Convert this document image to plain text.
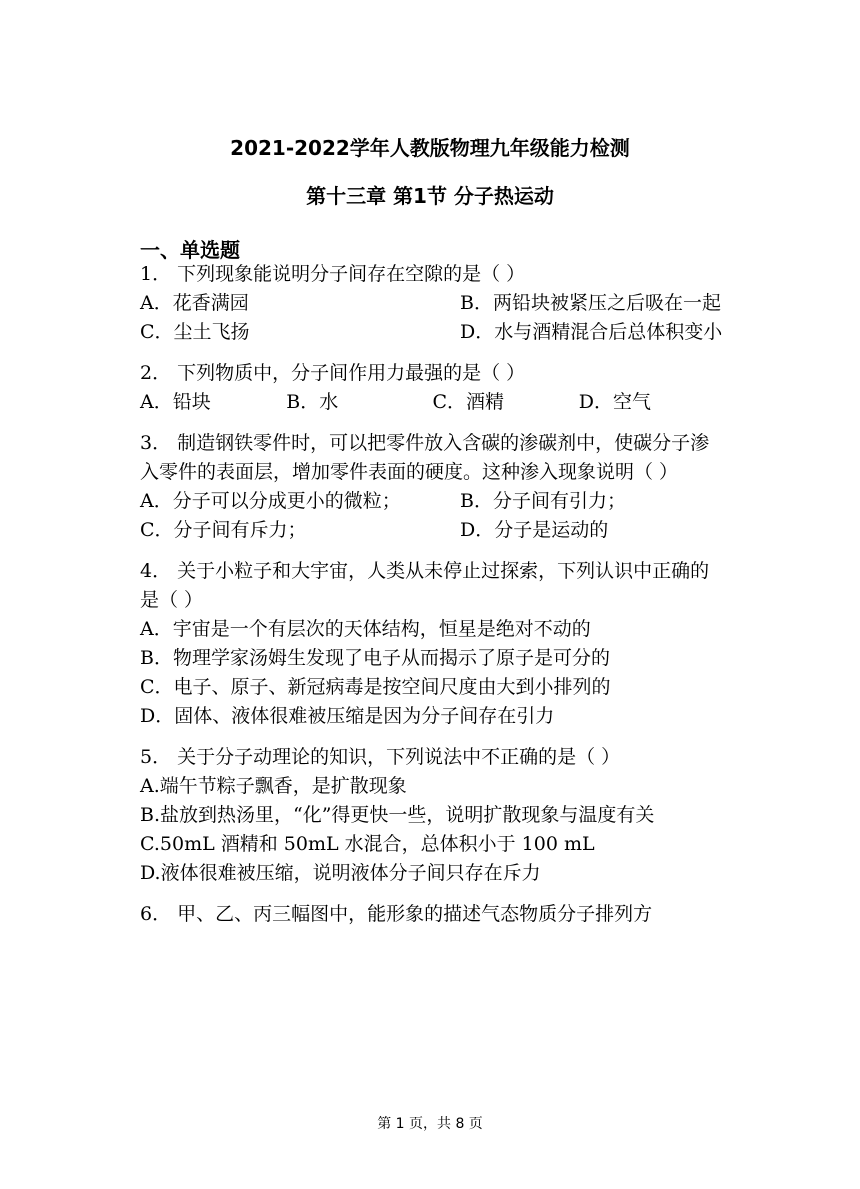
2021-2022学年人教版物理九年级能力检测
第十三章 第1节 分子热运动
一、单选题
1． 下列现象能说明分子间存在空隙的是（ ）
A．花香满园	B．两铅块被紧压之后吸在一起
C．尘土飞扬	D．水与酒精混合后总体积变小
2． 下列物质中，分子间作用力最强的是（ ）
A．铅块	B．水	C．酒精	D．空气
3． 制造钢铁零件时，可以把零件放入含碳的渗碳剂中，使碳分子渗入零件的表面层，增加零件表面的硬度。这种渗入现象说明（ ）
A．分子可以分成更小的微粒；	B．分子间有引力；
C．分子间有斥力；	D．分子是运动的
4． 关于小粒子和大宇宙，人类从未停止过探索，下列认识中正确的是（ ）
A．宇宙是一个有层次的天体结构，恒星是绝对不动的
B．物理学家汤姆生发现了电子从而揭示了原子是可分的
C．电子、原子、新冠病毒是按空间尺度由大到小排列的
D．固体、液体很难被压缩是因为分子间存在引力
5． 关于分子动理论的知识，下列说法中不正确的是（ ）
A.端午节粽子飘香，是扩散现象
B.盐放到热汤里，“化”得更快一些，说明扩散现象与温度有关
C.50mL 酒精和 50mL 水混合，总体积小于 100 mL
D.液体很难被压缩，说明液体分子间只存在斥力
6． 甲、乙、丙三幅图中，能形象的描述气态物质分子排列方
第 1 页，共 8 页
